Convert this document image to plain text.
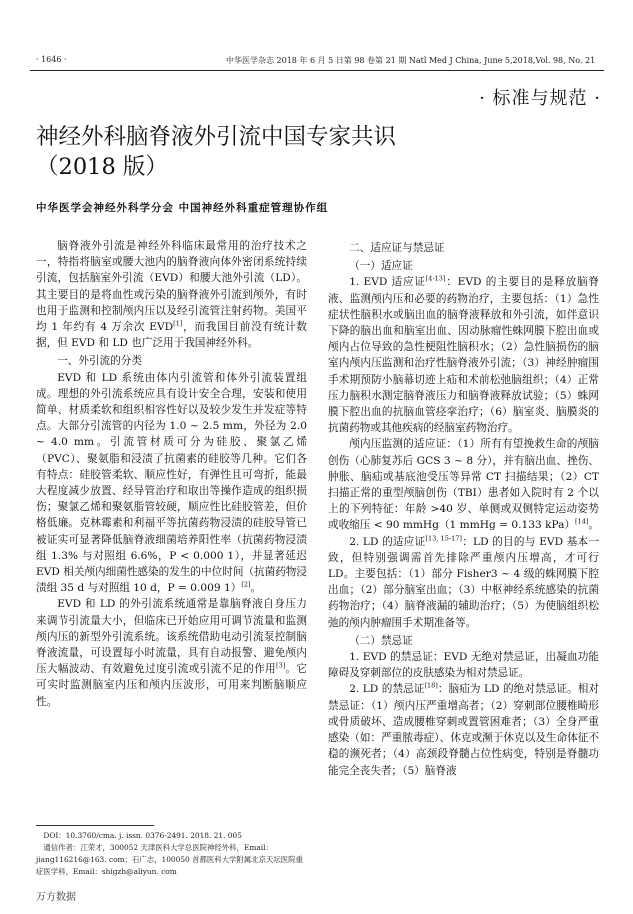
· 1646 ·	中华医学杂志 2018 年 6 月 5 日第 98 卷第 21 期 Natl Med J China, June 5,2018,Vol. 98, No. 21
· 标准与规范 ·
神经外科脑脊液外引流中国专家共识
（2018 版）
中华医学会神经外科学分会 中国神经外科重症管理协作组

脑脊液外引流是神经外科临床最常用的治疗技术之一，特指将脑室或腰大池内的脑脊液向体外密闭系统持续引流，包括脑室外引流（EVD）和腰大池外引流（LD）。其主要目的是将血性或污染的脑脊液外引流到颅外，有时也用于监测和控制颅内压以及经引流管注射药物。美国平均 1 年约有 4 万余次 EVD[1]，而我国目前没有统计数据，但 EVD 和 LD 也广泛用于我国神经外科。

一、外引流的分类

EVD 和 LD 系统由体内引流管和体外引流装置组成。理想的外引流系统应具有设计安全合理，安装和使用简单、材质柔软和组织相容性好以及较少发生并发症等特点。大部分引流管的内径为 1.0 ~ 2.5 mm，外径为 2.0 ~ 4.0 mm。引流管材质可分为硅胶、聚氯乙烯（PVC）、聚氨脂和浸渍了抗菌素的硅胶等几种。它们各有特点：硅胶管柔软、顺应性好，有弹性且可弯折，能最大程度减少放置、经导管治疗和取出等操作造成的组织损伤；聚氯乙烯和聚氨脂管较硬，顺应性比硅胶管差，但价格低廉。克林霉素和利福平等抗菌药物浸渍的硅胶导管已被证实可显著降低脑脊液细菌培养阳性率（抗菌药物浸渍组 1.3% 与对照组 6.6%，P < 0.000 1），并显著延迟 EVD 相关颅内细菌性感染的发生的中位时间（抗菌药物浸渍组 35 d 与对照组 10 d，P = 0.009 1）[2]。

EVD 和 LD 的外引流系统通常是靠脑脊液自身压力来调节引流量大小，但临床已开始应用可调节流量和监测颅内压的新型外引流系统。该系统借助电动引流泵控制脑脊液流量，可设置每小时流量，具有自动报警、避免颅内压大幅波动、有效避免过度引流或引流不足的作用[3]。它可实时监测脑室内压和颅内压波形，可用来判断脑顺应性。

二、适应证与禁忌证

（一）适应证

1. EVD 适应证[4-13]：EVD 的主要目的是释放脑脊液、监测颅内压和必要的药物治疗，主要包括：（1）急性症状性脑积水或脑出血的脑脊液释放和外引流，如伴意识下降的脑出血和脑室出血、因动脉瘤性蛛网膜下腔出血或颅内占位导致的急性梗阻性脑积水；（2）急性脑损伤的脑室内颅内压监测和治疗性脑脊液外引流；（3）神经肿瘤围手术期预防小脑幕切迹上疝和术前松弛脑组织；（4）正常压力脑积水测定脑脊液压力和脑脊液释放试验；（5）蛛网膜下腔出血的抗脑血管痉挛治疗；（6）脑室炎、脑膜炎的抗菌药物或其他疾病的经脑室药物治疗。

颅内压监测的适应证：（1）所有有望挽救生命的颅脑创伤（心肺复苏后 GCS 3 ~ 8 分），并有脑出血、挫伤、肿胀、脑疝或基底池受压等异常 CT 扫描结果；（2）CT 扫描正常的重型颅脑创伤（TBI）患者如入院时有 2 个以上的下列特征：年龄 >40 岁、单侧或双侧特定运动姿势或收缩压 < 90 mmHg（1 mmHg = 0.133 kPa）[14]。

2. LD 的适应证[13, 15-17]：LD 的目的与 EVD 基本一致，但特别强调需首先排除严重颅内压增高，才可行 LD。主要包括：（1）部分 Fisher3 ~ 4 级的蛛网膜下腔出血；（2）部分脑室出血；（3）中枢神经系统感染的抗菌药物治疗；（4）脑脊液漏的辅助治疗；（5）为使脑组织松弛的颅内肿瘤围手术期准备等。

（二）禁忌证

1. EVD 的禁忌证：EVD 无绝对禁忌证，出凝血功能障碍及穿刺部位的皮肤感染为相对禁忌证。

2. LD 的禁忌证[18]：脑疝为 LD 的绝对禁忌证。相对禁忌证：（1）颅内压严重增高者；（2）穿刺部位腰椎畸形或骨质破坏、造成腰椎穿刺或置管困难者；（3）全身严重感染（如：严重脓毒症）、休克或濒于休克以及生命体征不稳的濒死者；（4）高颈段脊髓占位性病变，特别是脊髓功能完全丧失者；（5）脑脊液

DOI：10.3760/cma. j. issn. 0376-2491. 2018. 21. 005

通信作者：江荣才，300052 天津医科大学总医院神经外科，Email：jiang116216@163. com；石广志，100050 首都医科大学附属北京天坛医院重症医学科，Email：shigzh@aliyun. com

万方数据
